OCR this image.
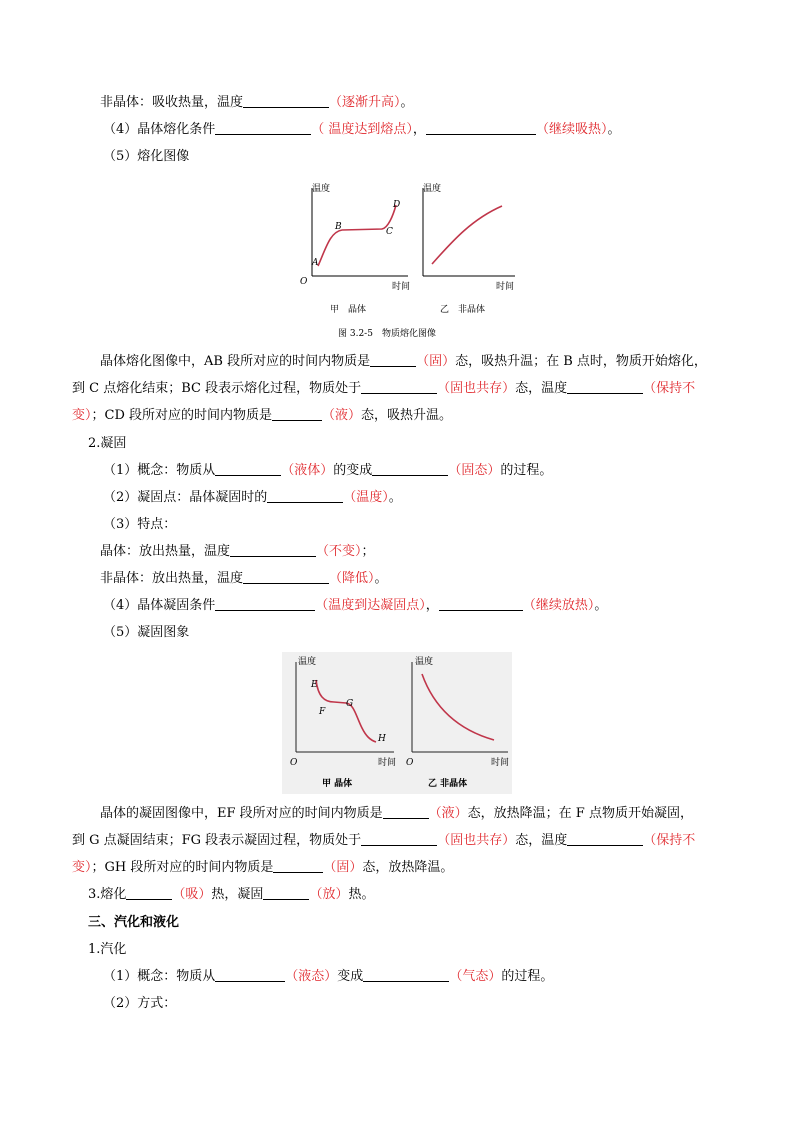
非晶体：吸收热量，温度	（逐渐升高）。
（4）晶体熔化条件	（ 温度达到熔点），	（继续吸热）。
（5）熔化图像
温度
时间
O
A
B	C
D
温度
时间
甲　晶体	乙　非晶体
图 3.2-5　物质熔化图像
晶体熔化图像中，AB 段所对应的时间内物质是	（固）态，吸热升温；在 B 点时，物质开始熔化，
到 C 点熔化结束；BC 段表示熔化过程，物质处于	（固也共存）态，温度	（保持不
变）；CD 段所对应的时间内物质是	（液）态，吸热升温。
2.凝固
（1）概念：物质从	（液体）的变成	（固态）的过程。
（2）凝固点：晶体凝固时的	（温度）。
（3）特点：
晶体：放出热量，温度	（不变）；
非晶体：放出热量，温度	（降低）。
（4）晶体凝固条件	（温度到达凝固点），	（继续放热）。
（5）凝固图象
温度
时间
O
E
F
G
H
温度
时间
O
甲 晶体	乙 非晶体
晶体的凝固图像中，EF 段所对应的时间内物质是	（液）态，放热降温；在 F 点物质开始凝固，
到 G 点凝固结束；FG 段表示凝固过程，物质处于	（固也共存）态，温度	（保持不
变）；GH 段所对应的时间内物质是	（固）态，放热降温。
3.熔化	（吸）热，凝固	（放）热。
三、汽化和液化
1.汽化
（1）概念：物质从	（液态）变成	（气态）的过程。
（2）方式：
